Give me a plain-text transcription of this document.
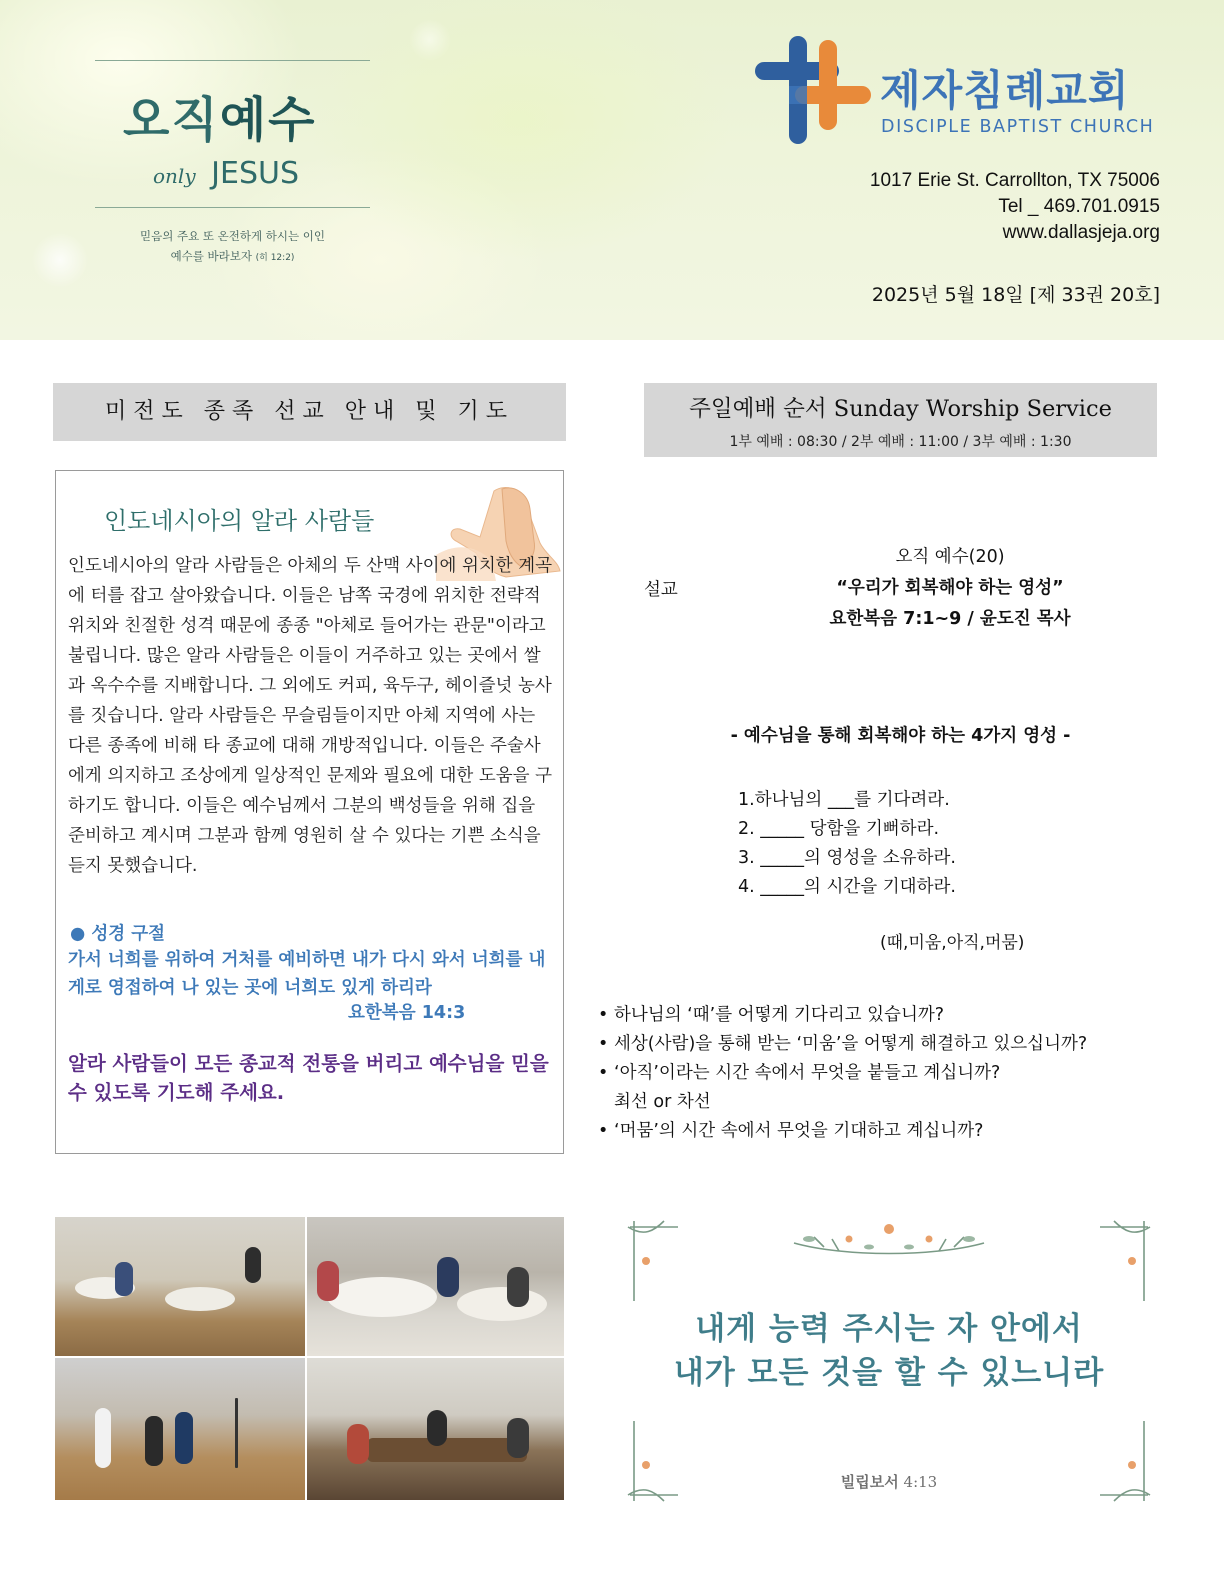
오직예수
only JESUS
믿음의 주요 또 온전하게 하시는 이인
예수를 바라보자 (히 12:2)
제자침례교회
DISCIPLE BAPTIST CHURCH
1017 Erie St. Carrollton, TX 75006
Tel _ 469.701.0915
www.dallasjeja.org
2025년 5월 18일 [제 33권 20호]
미전도 종족 선교 안내 및 기도
인도네시아의 알라 사람들
인도네시아의 알라 사람들은 아체의 두 산맥 사이에 위치한 계곡에 터를 잡고 살아왔습니다. 이들은 남쪽 국경에 위치한 전략적 위치와 친절한 성격 때문에 종종 "아체로 들어가는 관문"이라고 불립니다. 많은 알라 사람들은 이들이 거주하고 있는 곳에서 쌀과 옥수수를 지배합니다. 그 외에도 커피, 육두구, 헤이즐넛 농사를 짓습니다. 알라 사람들은 무슬림들이지만 아체 지역에 사는 다른 종족에 비해 타 종교에 대해 개방적입니다. 이들은 주술사에게 의지하고 조상에게 일상적인 문제와 필요에 대한 도움을 구하기도 합니다. 이들은 예수님께서 그분의 백성들을 위해 집을 준비하고 계시며 그분과 함께 영원히 살 수 있다는 기쁜 소식을 듣지 못했습니다.
● 성경 구절
가서 너희를 위하여 거처를 예비하면 내가 다시 와서 너희를 내게로 영접하여 나 있는 곳에 너희도 있게 하리라
요한복음 14:3
알라 사람들이 모든 종교적 전통을 버리고 예수님을 믿을 수 있도록 기도해 주세요.
주일예배 순서 Sunday Worship Service
1부 예배 : 08:30 / 2부 예배 : 11:00 / 3부 예배 : 1:30
설교
오직 예수(20)
“우리가 회복해야 하는 영성”
요한복음 7:1~9 / 윤도진 목사
- 예수님을 통해 회복해야 하는 4가지 영성 -
1.하나님의 ___를 기다려라.
2. _____ 당함을 기뻐하라.
3. _____의 영성을 소유하라.
4. _____의 시간을 기대하라.
(때,미움,아직,머뭄)
• 하나님의 ‘때’를 어떻게 기다리고 있습니까?
• 세상(사람)을 통해 받는 ‘미움’을 어떻게 해결하고 있으십니까?
• ‘아직’이라는 시간 속에서 무엇을 붙들고 계십니까?
최선 or 차선
• ‘머뭄’의 시간 속에서 무엇을 기대하고 계십니까?
내게 능력 주시는 자 안에서
내가 모든 것을 할 수 있느니라
빌립보서 4:13
